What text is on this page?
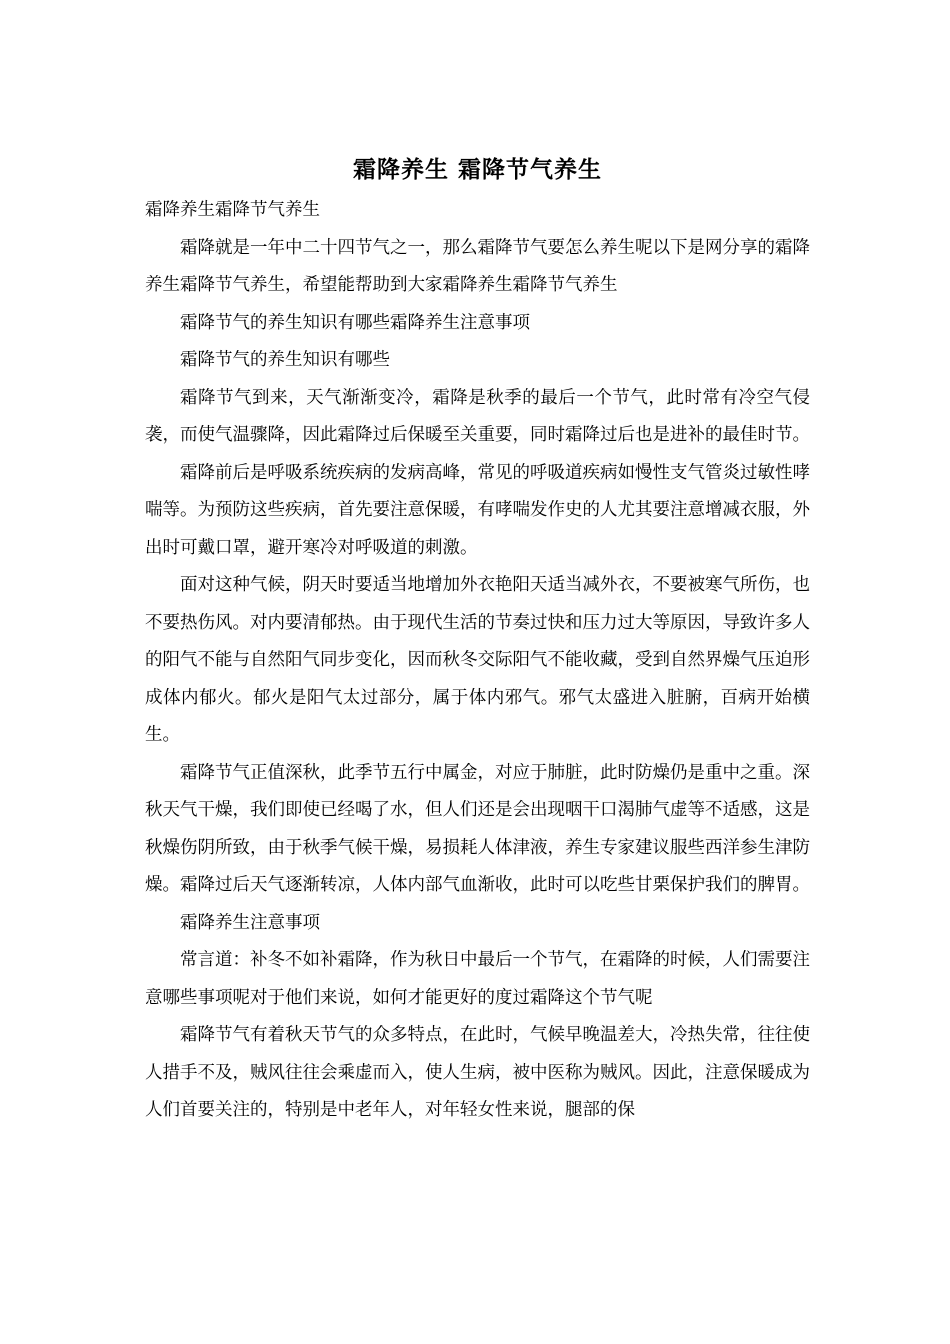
霜降养生 霜降节气养生

霜降养生霜降节气养生

霜降就是一年中二十四节气之一，那么霜降节气要怎么养生呢以下是网分享的霜降养生霜降节气养生，希望能帮助到大家霜降养生霜降节气养生

霜降节气的养生知识有哪些霜降养生注意事项

霜降节气的养生知识有哪些

霜降节气到来，天气渐渐变冷，霜降是秋季的最后一个节气，此时常有冷空气侵袭，而使气温骤降，因此霜降过后保暖至关重要，同时霜降过后也是进补的最佳时节。

霜降前后是呼吸系统疾病的发病高峰，常见的呼吸道疾病如慢性支气管炎过敏性哮喘等。为预防这些疾病，首先要注意保暖，有哮喘发作史的人尤其要注意增减衣服，外出时可戴口罩，避开寒冷对呼吸道的刺激。

面对这种气候，阴天时要适当地增加外衣艳阳天适当减外衣，不要被寒气所伤，也不要热伤风。对内要清郁热。由于现代生活的节奏过快和压力过大等原因，导致许多人的阳气不能与自然阳气同步变化，因而秋冬交际阳气不能收藏，受到自然界燥气压迫形成体内郁火。郁火是阳气太过部分，属于体内邪气。邪气太盛进入脏腑，百病开始横生。

霜降节气正值深秋，此季节五行中属金，对应于肺脏，此时防燥仍是重中之重。深秋天气干燥，我们即使已经喝了水，但人们还是会出现咽干口渴肺气虚等不适感，这是秋燥伤阴所致，由于秋季气候干燥，易损耗人体津液，养生专家建议服些西洋参生津防燥。霜降过后天气逐渐转凉，人体内部气血渐收，此时可以吃些甘栗保护我们的脾胃。

霜降养生注意事项

常言道：补冬不如补霜降，作为秋日中最后一个节气，在霜降的时候，人们需要注意哪些事项呢对于他们来说，如何才能更好的度过霜降这个节气呢

霜降节气有着秋天节气的众多特点，在此时，气候早晚温差大，冷热失常，往往使人措手不及，贼风往往会乘虚而入，使人生病，被中医称为贼风。因此，注意保暖成为人们首要关注的，特别是中老年人，对年轻女性来说，腿部的保
